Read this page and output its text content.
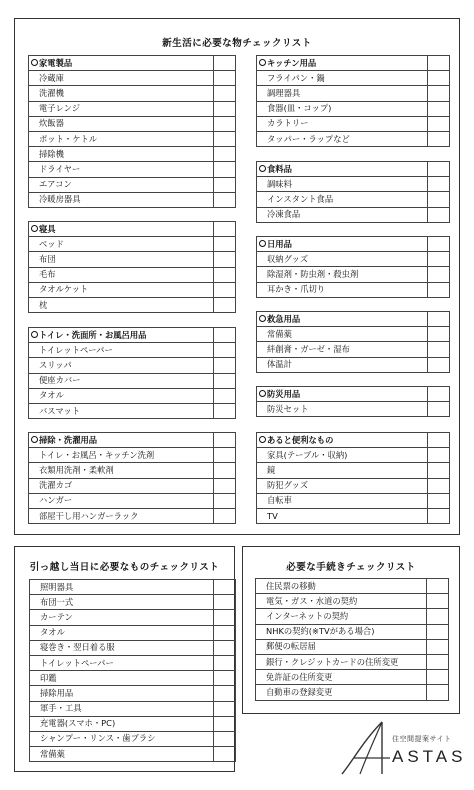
新生活に必要な物チェックリスト
家電製品	
冷蔵庫	
洗濯機	
電子レンジ	
炊飯器	
ポット・ケトル	
掃除機	
ドライヤー	
エアコン	
冷暖房器具	
寝具	
ベッド	
布団	
毛布	
タオルケット	
枕	
トイレ・洗面所・お風呂用品	
トイレットペーパー	
スリッパ	
便座カバー	
タオル	
バスマット	
掃除・洗濯用品	
トイレ・お風呂・キッチン洗剤	
衣類用洗剤・柔軟剤	
洗濯カゴ	
ハンガー	
部屋干し用ハンガーラック	
キッチン用品	
フライパン・鍋	
調理器具	
食器(皿・コップ)	
カラトリー	
タッパー・ラップなど	
食料品	
調味料	
インスタント食品	
冷凍食品	
日用品	
収納グッズ	
除湿剤・防虫剤・殺虫剤	
耳かき・爪切り	
救急用品	
常備薬	
絆創膏・ガーゼ・湿布	
体温計	
防災用品	
防災セット	
あると便利なもの	
家具(テーブル・収納)	
鏡	
防犯グッズ	
自転車	
TV	
引っ越し当日に必要なものチェックリスト
照明器具	
布団一式	
カーテン	
タオル	
寝巻き・翌日着る服	
トイレットペーパー	
印鑑	
掃除用品	
軍手・工具	
充電器(スマホ・PC)	
シャンプー・リンス・歯ブラシ	
常備薬	
必要な手続きチェックリスト
住民票の移動	
電気・ガス・水道の契約	
インターネットの契約	
NHKの契約(※TVがある場合)	
郵便の転居届	
銀行・クレジットカードの住所変更	
免許証の住所変更	
自動車の登録変更	
住空間提案サイト
ASTAS
